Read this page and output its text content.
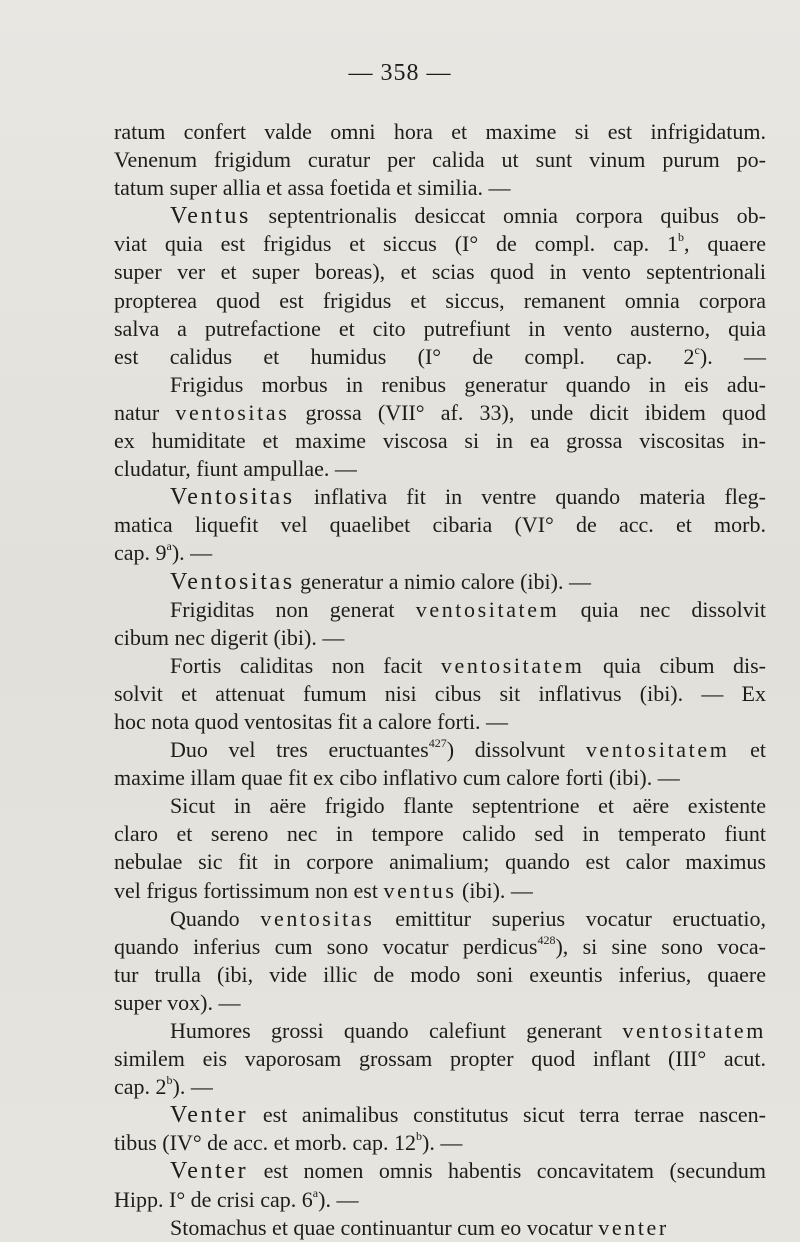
— 358 —
ratum confert valde omni hora et maxime si est infrigidatum.
Venenum frigidum curatur per calida ut sunt vinum purum po-
tatum super allia et assa foetida et similia. —
Ventus septentrionalis desiccat omnia corpora quibus ob-
viat quia est frigidus et siccus (I° de compl. cap. 1$^b$, quaere
super ver et super boreas), et scias quod in vento septentrionali
propterea quod est frigidus et siccus, remanent omnia corpora
salva a putrefactione et cito putrefiunt in vento austerno, quia
est calidus et humidus (I° de compl. cap. 2$^c$). —
Frigidus morbus in renibus generatur quando in eis adu-
natur ventositas grossa (VII° af. 33), unde dicit ibidem quod
ex humiditate et maxime viscosa si in ea grossa viscositas in-
cludatur, fiunt ampullae. —
Ventositas inflativa fit in ventre quando materia fleg-
matica liquefit vel quaelibet cibaria (VI° de acc. et morb.
cap. 9$^a$). —
Ventositas generatur a nimio calore (ibi). —
Frigiditas non generat ventositatem quia nec dissolvit
cibum nec digerit (ibi). —
Fortis caliditas non facit ventositatem quia cibum dis-
solvit et attenuat fumum nisi cibus sit inflativus (ibi). — Ex
hoc nota quod ventositas fit a calore forti. —
Duo vel tres eructuantes$^{427}$) dissolvunt ventositatem et
maxime illam quae fit ex cibo inflativo cum calore forti (ibi). —
Sicut in aëre frigido flante septentrione et aëre existente
claro et sereno nec in tempore calido sed in temperato fiunt
nebulae sic fit in corpore animalium; quando est calor maximus
vel frigus fortissimum non est ventus (ibi). —
Quando ventositas emittitur superius vocatur eructuatio,
quando inferius cum sono vocatur perdicus$^{428}$), si sine sono voca-
tur trulla (ibi, vide illic de modo soni exeuntis inferius, quaere
super vox). —
Humores grossi quando calefiunt generant ventositatem
similem eis vaporosam grossam propter quod inflant (III° acut.
cap. 2$^b$). —
Venter est animalibus constitutus sicut terra terrae nascen-
tibus (IV° de acc. et morb. cap. 12$^b$). —
Venter est nomen omnis habentis concavitatem (secundum
Hipp. I° de crisi cap. 6$^a$). —
Stomachus et quae continuantur cum eo vocatur venter
